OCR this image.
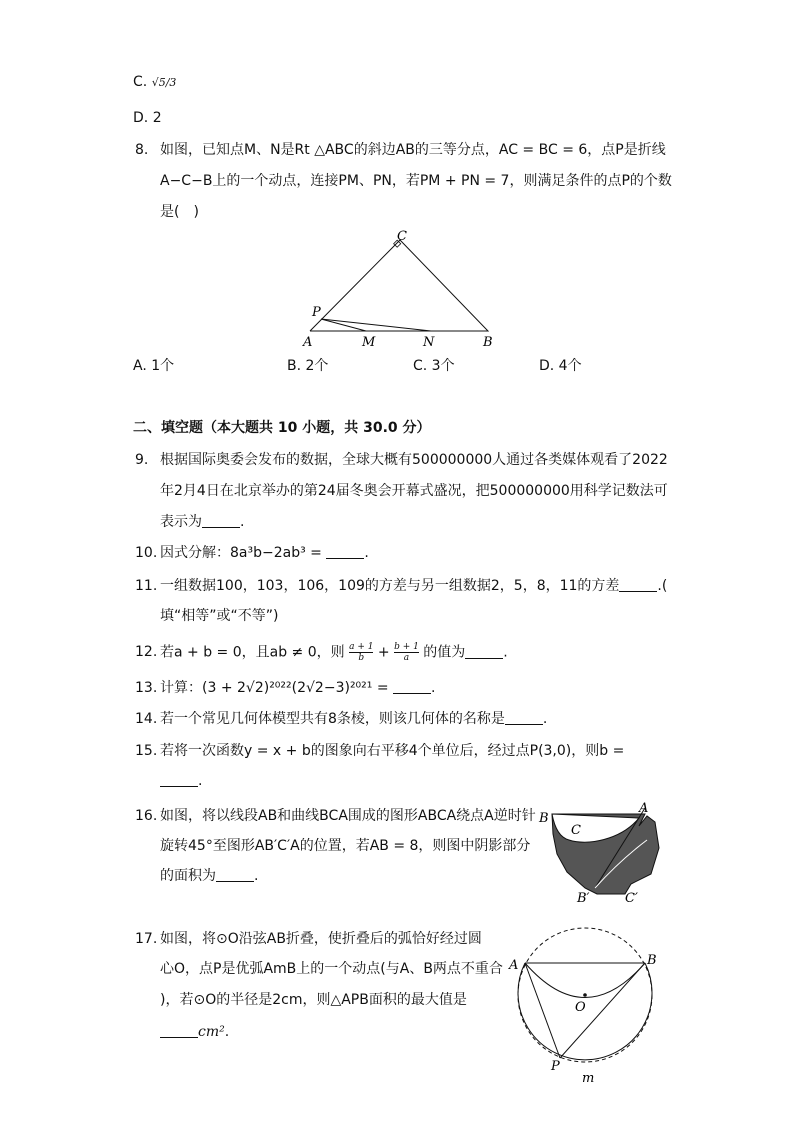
C. √5/3
D. 2
8. 如图，已知点M、N是Rt △ABC的斜边AB的三等分点，AC = BC = 6，点P是折线
A−C−B上的一个动点，连接PM、PN，若PM + PN = 7，则满足条件的点P的个数
是(　)
C
P
A	M	N	B
A. 1个	B. 2个	C. 3个	D. 4个
二、填空题（本大题共 10 小题，共 30.0 分）
9. 根据国际奥委会发布的数据，全球大概有500000000人通过各类媒体观看了2022
年2月4日在北京举办的第24届冬奥会开幕式盛况，把500000000用科学记数法可
表示为	.
10. 因式分解：8a³b−2ab³ =	.
11. 一组数据100，103，106，109的方差与另一组数据2，5，8，11的方差	.(
填“相等”或“不等”)
12. 若a + b = 0，且ab ≠ 0，则 $\frac{a + 1}{b} + \frac{b + 1}{a}$ 的值为	.
13. 计算：(3 + 2√2)²⁰²²(2√2−3)²⁰²¹ =	.
14. 若一个常见几何体模型共有8条棱，则该几何体的名称是	.
15. 若将一次函数y = x + b的图象向右平移4个单位后，经过点P(3,0)，则b =
.
16. 如图，将以线段AB和曲线BCA围成的图形ABCA绕点A逆时针
旋转45°至图形AB′C′A的位置，若AB = 8，则图中阴影部分
的面积为	.
B
C
A
B′	C′
17. 如图，将⊙O沿弦AB折叠，使折叠后的弧恰好经过圆
心O，点P是优弧AmB上的一个动点(与A、B两点不重合
)，若⊙O的半径是2cm，则△APB面积的最大值是
cm².
A	B
O
P
m
